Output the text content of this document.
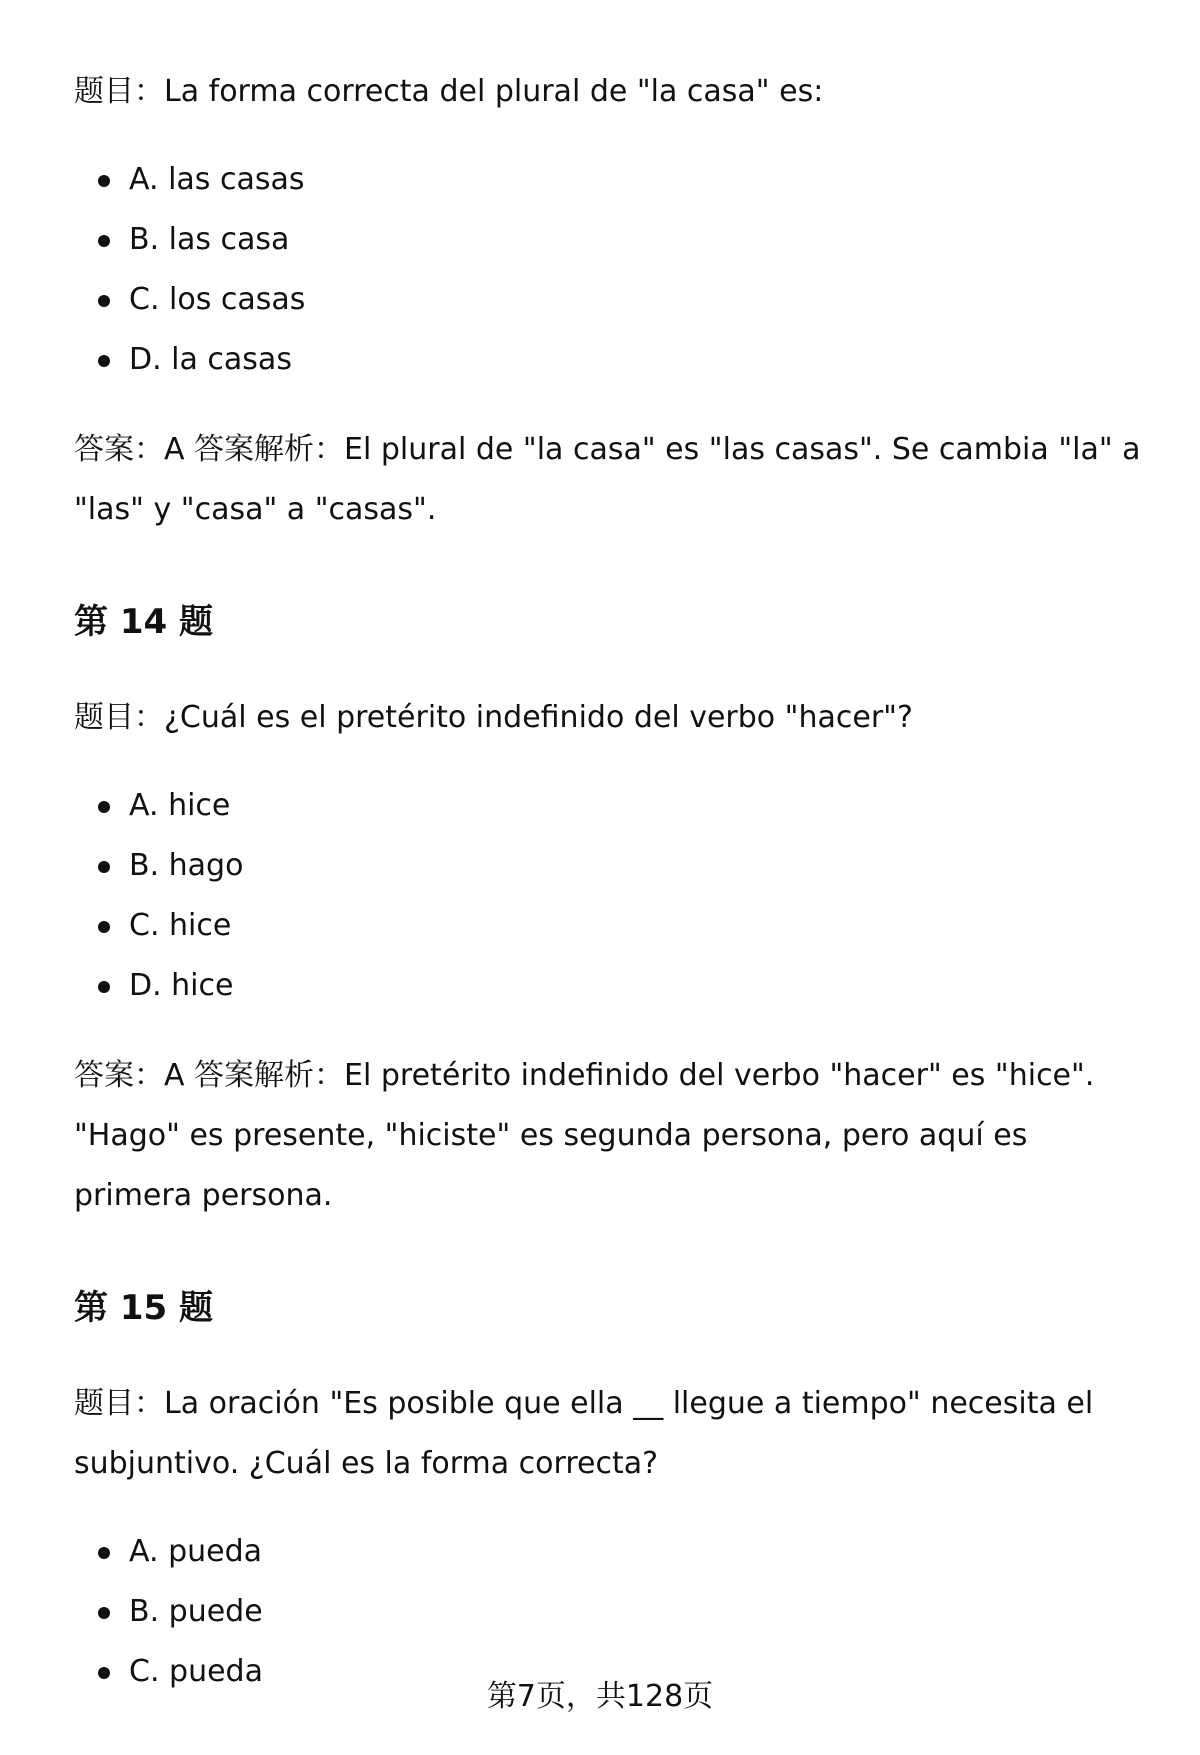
题目：La forma correcta del plural de "la casa" es:

A. las casas
B. las casa
C. los casas
D. la casas

答案：A 答案解析：El plural de "la casa" es "las casas". Se cambia "la" a "las" y "casa" a "casas".

第 14 题

题目：¿Cuál es el pretérito indefinido del verbo "hacer"?

A. hice
B. hago
C. hice
D. hice

答案：A 答案解析：El pretérito indefinido del verbo "hacer" es "hice". "Hago" es presente, "hiciste" es segunda persona, pero aquí es primera persona.

第 15 题

题目：La oración "Es posible que ella __ llegue a tiempo" necesita el subjuntivo. ¿Cuál es la forma correcta?

A. pueda
B. puede
C. pueda
第7页，共128页
